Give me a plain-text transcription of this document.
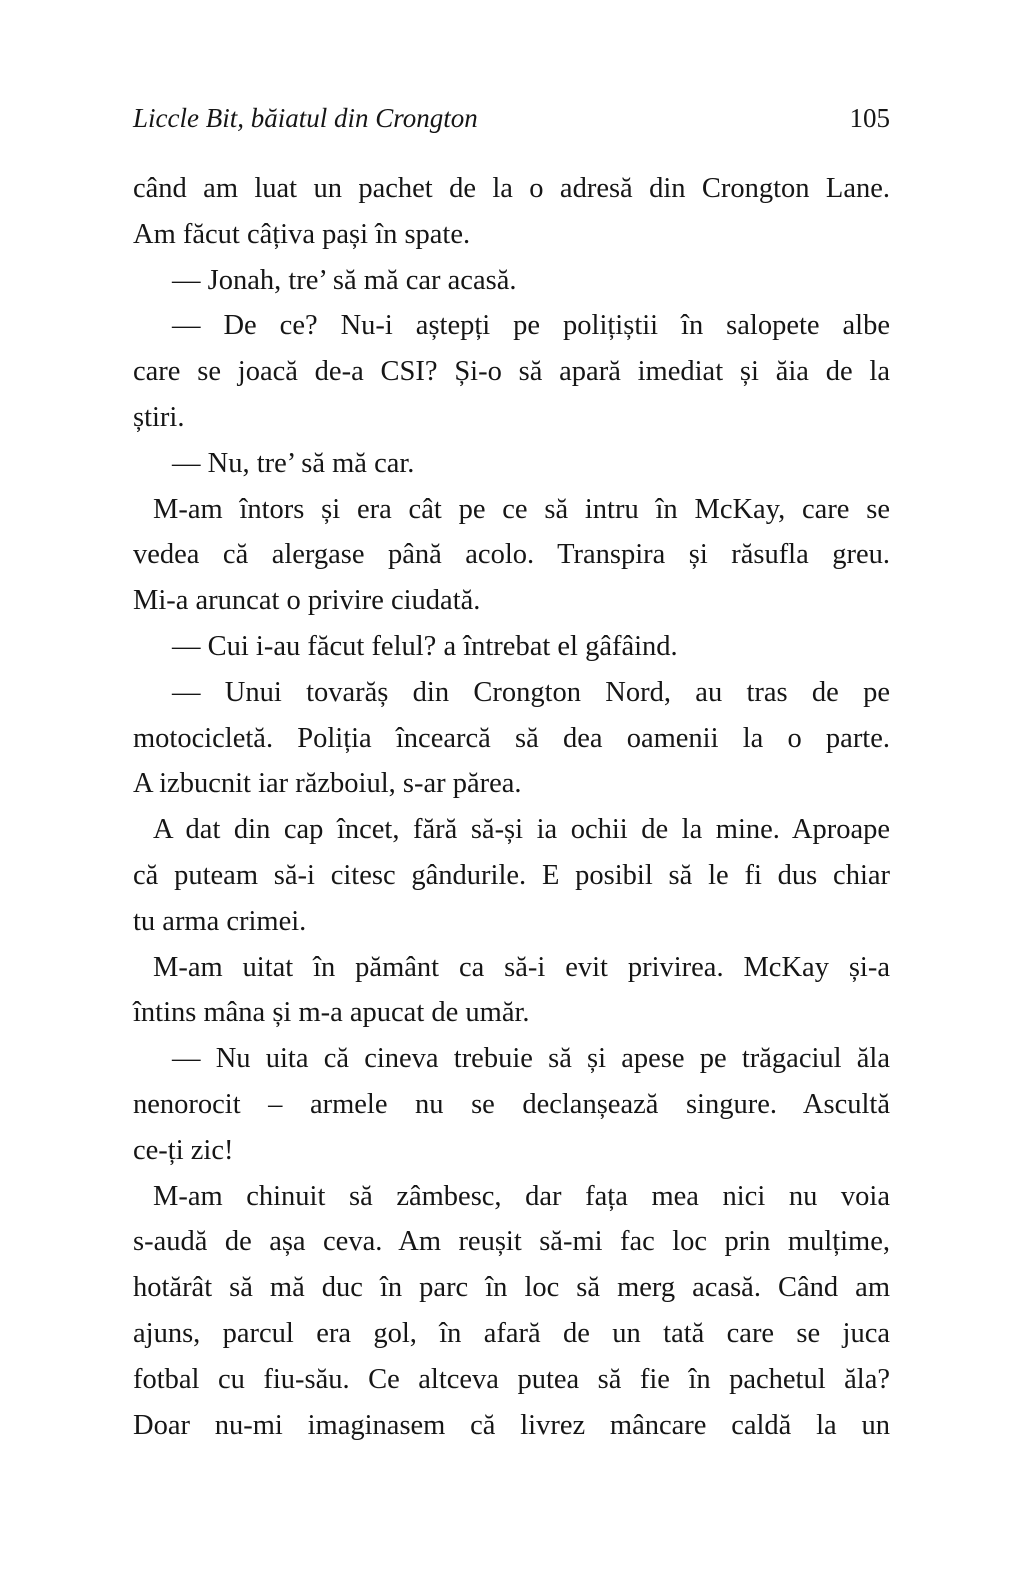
Liccle Bit, băiatul din Crongton	105
când am luat un pachet de la o adresă din Crongton Lane.
Am făcut câțiva pași în spate.
— Jonah, tre’ să mă car acasă.
— De ce? Nu-i aștepți pe polițiștii în salopete albe
care se joacă de-a CSI? Și-o să apară imediat și ăia de la
știri.
— Nu, tre’ să mă car.
M-am întors și era cât pe ce să intru în McKay, care se
vedea că alergase până acolo. Transpira și răsufla greu.
Mi-a aruncat o privire ciudată.
— Cui i-au făcut felul? a întrebat el gâfâind.
— Unui tovarăș din Crongton Nord, au tras de pe
motocicletă. Poliția încearcă să dea oamenii la o parte.
A izbucnit iar războiul, s-ar părea.
A dat din cap încet, fără să-și ia ochii de la mine. Aproape
că puteam să-i citesc gândurile. E posibil să le fi dus chiar
tu arma crimei.
M-am uitat în pământ ca să-i evit privirea. McKay și-a
întins mâna și m-a apucat de umăr.
— Nu uita că cineva trebuie să și apese pe trăgaciul ăla
nenorocit – armele nu se declanșează singure. Ascultă
ce-ți zic!
M-am chinuit să zâmbesc, dar fața mea nici nu voia
s-audă de așa ceva. Am reușit să-mi fac loc prin mulțime,
hotărât să mă duc în parc în loc să merg acasă. Când am
ajuns, parcul era gol, în afară de un tată care se juca
fotbal cu fiu-său. Ce altceva putea să fie în pachetul ăla?
Doar nu-mi imaginasem că livrez mâncare caldă la un
